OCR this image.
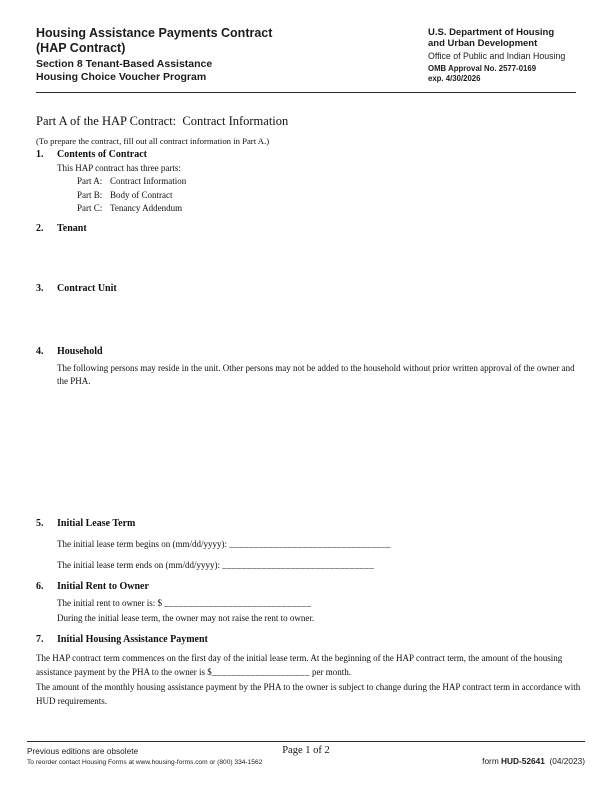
Housing Assistance Payments Contract
(HAP Contract)
Section 8 Tenant-Based Assistance
Housing Choice Voucher Program
U.S. Department of Housing
and Urban Development
Office of Public and Indian Housing
OMB Approval No. 2577-0169
exp. 4/30/2026
Part A of the HAP Contract:  Contract Information
(To prepare the contract, fill out all contract information in Part A.)
1. Contents of Contract
This HAP contract has three parts:
Part A: Contract Information
Part B: Body of Contract
Part C: Tenancy Addendum
2. Tenant
3. Contract Unit
4. Household
The following persons may reside in the unit. Other persons may not be added to the household without prior written approval of the owner and the PHA.
5. Initial Lease Term
The initial lease term begins on (mm/dd/yyyy): _________________________________
The initial lease term ends on (mm/dd/yyyy): _______________________________
6. Initial Rent to Owner
The initial rent to owner is: $ ______________________________
During the initial lease term, the owner may not raise the rent to owner.
7. Initial Housing Assistance Payment
The HAP contract term commences on the first day of the initial lease term. At the beginning of the HAP contract term, the amount of the housing assistance payment by the PHA to the owner is $____________________ per month.
The amount of the monthly housing assistance payment by the PHA to the owner is subject to change during the HAP contract term in accordance with HUD requirements.
Previous editions are obsolete
To reorder contact Housing Forms at www.housing-forms.com or (800) 334-1562
Page 1 of 2

form HUD-52641  (04/2023)
